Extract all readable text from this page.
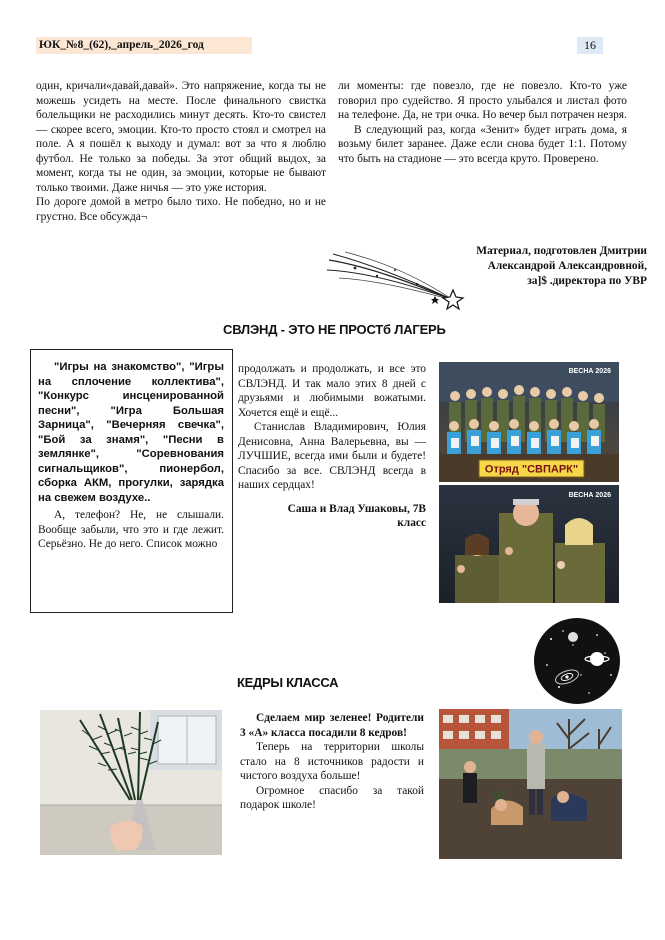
ЮК_№8_(62),_апрель_2026_год	16

один, кричали«давай,давай». Это напряжение, когда ты не можешь усидеть на месте. После финального свистка болельщики не расходились минут десять. Кто-то свистел — скорее всего, эмоции. Кто-то просто стоял и смотрел на поле. А я пошёл к выходу и думал: вот за что я люблю футбол. Не только за победы. За этот общий выдох, за момент, когда ты не один, за эмоции, которые не бывают только твоими. Даже ничья — это уже история.

По дороге домой в метро было тихо. Не победно, но и не грустно. Все обсужда¬

ли моменты: где повезло, где не повезло. Кто-то уже говорил про судейство. Я просто улыбался и листал фото на телефоне. Да, не три очка. Но вечер был потрачен незря.

В следующий раз, когда «Зенит» будет играть дома, я возьму билет заранее. Даже если снова будет 1:1. Потому что быть на стадионе — это всегда круто. Проверено.

Материал, подготовлен Дмитрии
Александрой Александровной,
за]$ .директора по УВР
СВЛЭНД - ЭТО НЕ ПРОСТб ЛАГЕРЬ

"Игры на знакомство", "Игры на сплочение коллектива", "Конкурс инсценированной песни", "Игра Большая Зарница", "Вечерняя свечка", "Бой за знамя", "Песни в землянке", "Соревнования сигнальщиков", пионербол, сборка АКМ, прогулки, зарядка на свежем воздухе..

А, телефон? Не, не слышали. Вообще забыли, что это и где лежит. Серьёзно. Не до него. Список можно

продолжать и продолжать, и все это СВЛЭНД. И так мало этих 8 дней с друзьями и любимыми вожатыми. Хочется ещё и ещё...

Станислав Владимирович, Юлия Денисовна, Анна Валерьевна, вы — ЛУЧШИЕ, всегда ими были и будете! Спасибо за все. СВЛЭНД всегда в наших сердцах!

Саша и Влад Ушаковы, 7В класс

Отряд "СВПАРК"
ВЕСНА 2026
ВЕСНА 2026
КЕДРЫ КЛАССА

Сделаем мир зеленее! Родители 3 «А» класса посадили 8 кедров!

Теперь на территории школы стало на 8 источников радости и чистого воздуха больше!

Огромное спасибо за такой подарок школе!
